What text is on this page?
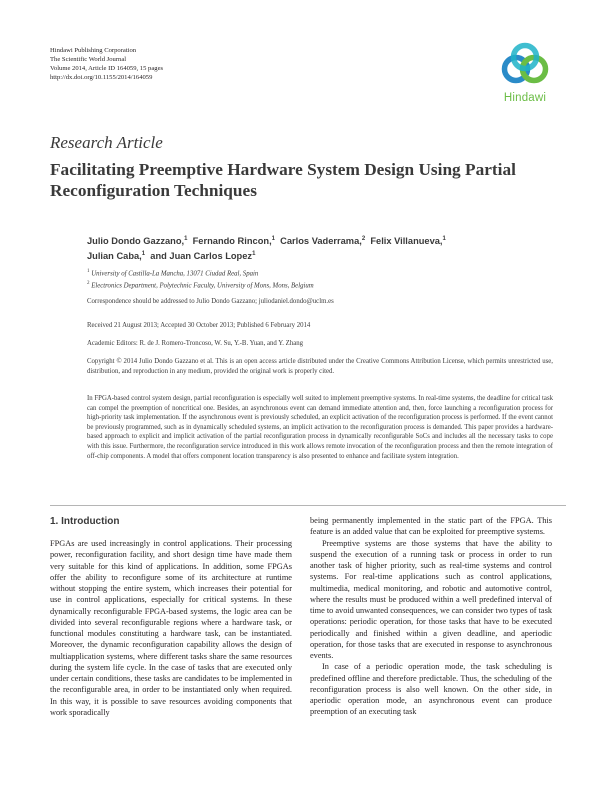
Hindawi Publishing Corporation
The Scientific World Journal
Volume 2014, Article ID 164059, 15 pages
http://dx.doi.org/10.1155/2014/164059
Hindawi
Research Article
Facilitating Preemptive Hardware System Design Using Partial Reconfiguration Techniques
Julio Dondo Gazzano,$^1$ Fernando Rincon,$^1$ Carlos Vaderrama,$^2$ Felix Villanueva,$^1$
Julian Caba,$^1$ and Juan Carlos Lopez$^1$
$^1$ University of Castilla-La Mancha, 13071 Ciudad Real, Spain
$^2$ Electronics Department, Polytechnic Faculty, University of Mons, Mons, Belgium
Correspondence should be addressed to Julio Dondo Gazzano; juliodaniel.dondo@uclm.es
Received 21 August 2013; Accepted 30 October 2013; Published 6 February 2014
Academic Editors: R. de J. Romero-Troncoso, W. Su, Y.-B. Yuan, and Y. Zhang
Copyright © 2014 Julio Dondo Gazzano et al. This is an open access article distributed under the Creative Commons Attribution License, which permits unrestricted use, distribution, and reproduction in any medium, provided the original work is properly cited.
In FPGA-based control system design, partial reconfiguration is especially well suited to implement preemptive systems. In real-time systems, the deadline for critical task can compel the preemption of noncritical one. Besides, an asynchronous event can demand immediate attention and, then, force launching a reconfiguration process for high-priority task implementation. If the asynchronous event is previously scheduled, an explicit activation of the reconfiguration process is performed. If the event cannot be previously programmed, such as in dynamically scheduled systems, an implicit activation to the reconfiguration process is demanded. This paper provides a hardware-based approach to explicit and implicit activation of the partial reconfiguration process in dynamically reconfigurable SoCs and includes all the necessary tasks to cope with this issue. Furthermore, the reconfiguration service introduced in this work allows remote invocation of the reconfiguration process and then the remote integration of off-chip components. A model that offers component location transparency is also presented to enhance and facilitate system integration.
1. Introduction

FPGAs are used increasingly in control applications. Their processing power, reconfiguration facility, and short design time have made them very suitable for this kind of applications. In addition, some FPGAs offer the ability to reconfigure some of its architecture at runtime without stopping the entire system, which increases their potential for use in control applications, especially for critical systems. In these dynamically reconfigurable FPGA-based systems, the logic area can be divided into several reconfigurable regions where a hardware task, or functional modules constituting a hardware task, can be instantiated. Moreover, the dynamic reconfiguration capability allows the design of multiapplication systems, where different tasks share the same resources during the system life cycle. In the case of tasks that are executed only under certain conditions, these tasks are candidates to be implemented in the reconfigurable area, in order to be instantiated only when required. In this way, it is possible to save resources avoiding components that work sporadically

being permanently implemented in the static part of the FPGA. This feature is an added value that can be exploited for preemptive systems.

Preemptive systems are those systems that have the ability to suspend the execution of a running task or process in order to run another task of higher priority, such as real-time systems and control systems. For real-time applications such as control applications, multimedia, medical monitoring, and robotic and automotive control, where the results must be produced within a well predefined interval of time to avoid unwanted consequences, we can consider two types of task operations: periodic operation, for those tasks that have to be executed periodically and finished within a given deadline, and aperiodic operation, for those tasks that are executed in response to asynchronous events.

In case of a periodic operation mode, the task scheduling is predefined offline and therefore predictable. Thus, the scheduling of the reconfiguration process is also well known. On the other side, in aperiodic operation mode, an asynchronous event can produce preemption of an executing task
